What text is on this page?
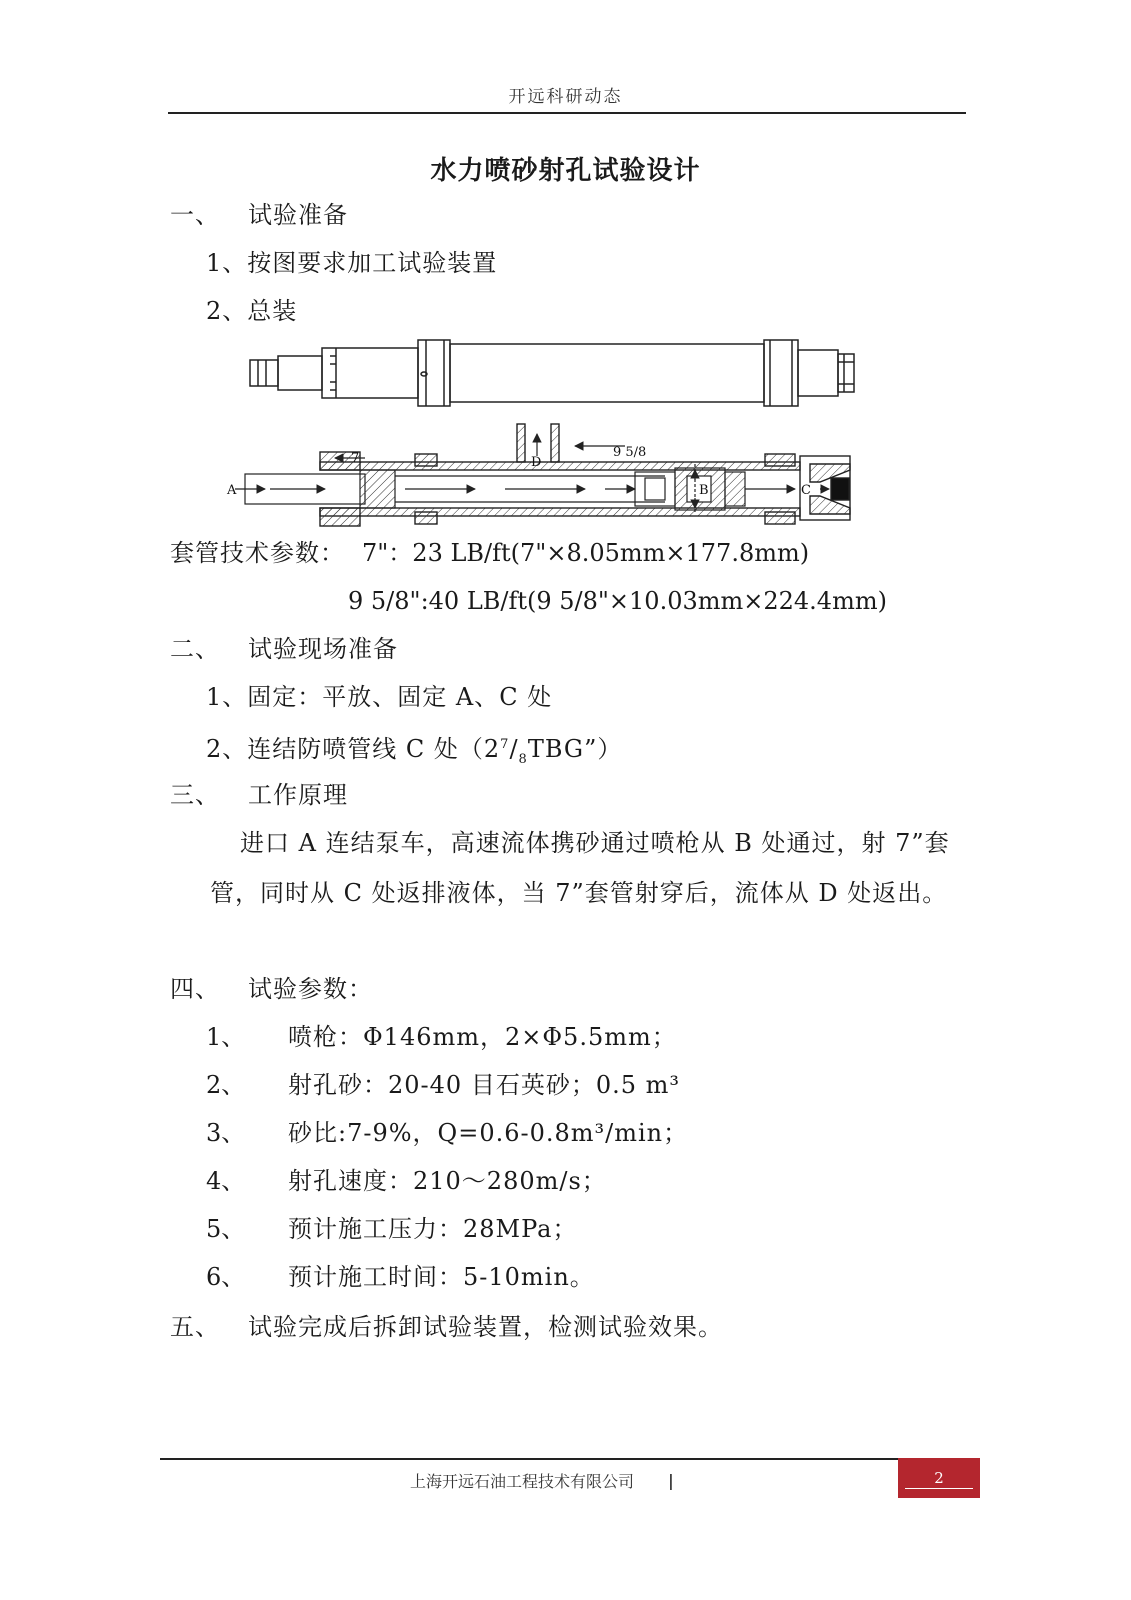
开远科研动态
水力喷砂射孔试验设计
一、 试验准备
1、按图要求加工试验装置
2、总装
A	B	C
D
7	9 5/8
套管技术参数： 7"：23 LB/ft(7"×8.05mm×177.8mm)
9 5/8":40 LB/ft(9 5/8"×10.03mm×224.4mm)
二、 试验现场准备
1、固定：平放、固定 A、C 处
2、连结防喷管线 C 处$(2^7/_8TBG”)$
三、 工作原理
进口 A 连结泵车，高速流体携砂通过喷枪从 B 处通过，射 7”套管，同时从 C 处返排液体，当 7”套管射穿后，流体从 D 处返出。
四、 试验参数：
1、 喷枪：Φ146mm，2×Φ5.5mm；
2、 射孔砂：20-40 目石英砂；0.5 m³
3、 砂比:7-9%，Q=0.6-0.8m³/min；
4、 射孔速度：210～280m/s；
5、 预计施工压力：28MPa；
6、 预计施工时间：5-10min。
五、 试验完成后拆卸试验装置，检测试验效果。
上海开远石油工程技术有限公司 |	2
